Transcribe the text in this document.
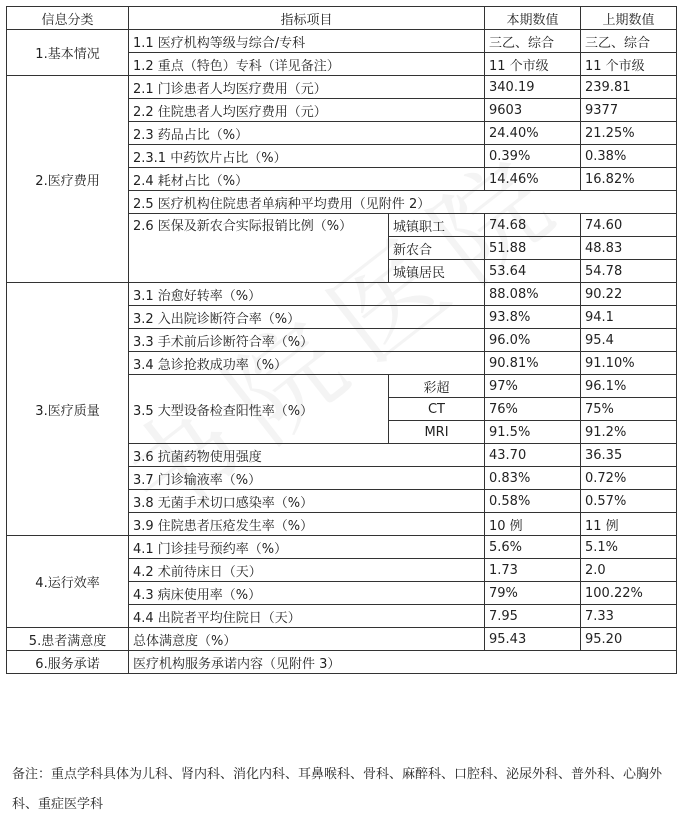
信息分类	指标项目		本期数值	上期数值
1.基本情况	1.1 医疗机构等级与综合/专科		三乙、综合	三乙、综合
	1.2 重点（特色）专科（详见备注）		11 个市级	11 个市级
2.医疗费用	2.1 门诊患者人均医疗费用（元）		340.19	239.81
	2.2 住院患者人均医疗费用（元）		9603	9377
	2.3 药品占比（%）		24.40%	21.25%
	2.3.1 中药饮片占比（%）		0.39%	0.38%
	2.4 耗材占比（%）		14.46%	16.82%
	2.5 医疗机构住院患者单病种平均费用（见附件 2）			
	2.6 医保及新农合实际报销比例（%）	城镇职工	74.68	74.60
		新农合	51.88	48.83
		城镇居民	53.64	54.78
3.医疗质量	3.1 治愈好转率（%）		88.08%	90.22
	3.2 入出院诊断符合率（%）		93.8%	94.1
	3.3 手术前后诊断符合率（%）		96.0%	95.4
	3.4 急诊抢救成功率（%）		90.81%	91.10%
	3.5 大型设备检查阳性率（%）	彩超	97%	96.1%
		CT	76%	75%
		MRI	91.5%	91.2%
	3.6 抗菌药物使用强度		43.70	36.35
	3.7 门诊输液率（%）		0.83%	0.72%
	3.8 无菌手术切口感染率（%）		0.58%	0.57%
	3.9 住院患者压疮发生率（%）		10 例	11 例
4.运行效率	4.1 门诊挂号预约率（%）		5.6%	5.1%
	4.2 术前待床日（天）		1.73	2.0
	4.3 病床使用率（%）		79%	100.22%
	4.4 出院者平均住院日（天）		7.95	7.33
5.患者满意度	总体满意度（%）		95.43	95.20
6.服务承诺	医疗机构服务承诺内容（见附件 3）			
备注：重点学科具体为儿科、肾内科、消化内科、耳鼻喉科、骨科、麻醉科、口腔科、泌尿外科、普外科、心胸外科、重症医学科
